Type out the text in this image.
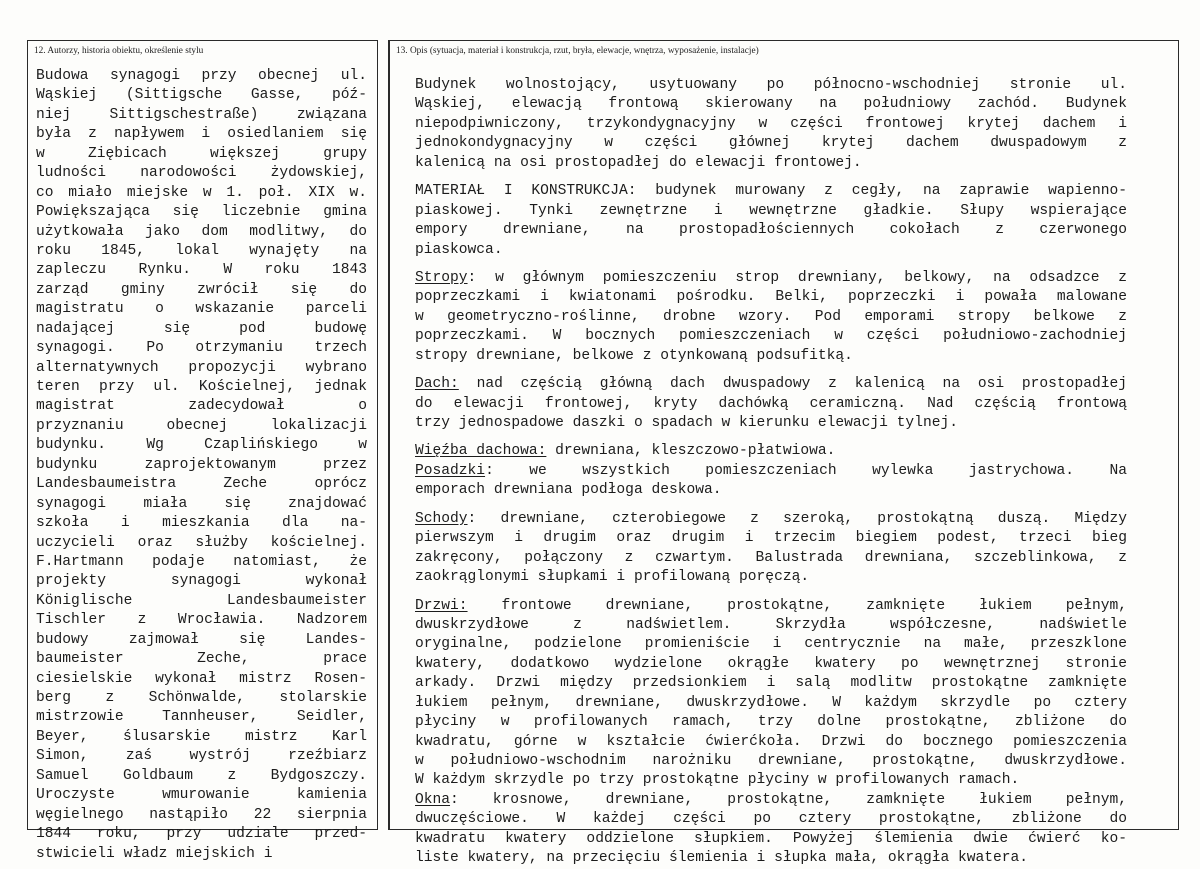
12. Autorzy, historia obiektu, określenie stylu	13. Opis (sytuacja, materiał i konstrukcja, rzut, bryła, elewacje, wnętrza, wyposażenie, instalacje)
Budowa synagogi przy obecnej ul.
Wąskiej (Sittigsche Gasse, póź-
niej Sittigschestraße) związana
była z napływem i osiedlaniem się
w Ziębicach większej grupy
ludności narodowości żydowskiej,
co miało miejske w 1. poł. XIX w.
Powiększająca się liczebnie gmina
użytkowała jako dom modlitwy, do
roku 1845, lokal wynajęty na
zapleczu Rynku. W roku 1843
zarząd gminy zwrócił się do
magistratu o wskazanie parceli
nadającej się pod budowę
synagogi. Po otrzymaniu trzech
alternatywnych propozycji wybrano
teren przy ul. Kościelnej, jednak
magistrat zadecydował o
przyznaniu obecnej lokalizacji
budynku. Wg Czaplińskiego w
budynku zaprojektowanym przez
Landesbaumeistra Zeche oprócz
synagogi miała się znajdować
szkoła i mieszkania dla na-
uczycieli oraz służby kościelnej.
F.Hartmann podaje natomiast, że
projekty synagogi wykonał
Königlische Landesbaumeister
Tischler z Wrocławia. Nadzorem
budowy zajmował się Landes-
baumeister Zeche, prace
ciesielskie wykonał mistrz Rosen-
berg z Schönwalde, stolarskie
mistrzowie Tannheuser, Seidler,
Beyer, ślusarskie mistrz Karl
Simon, zaś wystrój rzeźbiarz
Samuel Goldbaum z Bydgoszczy.
Uroczyste wmurowanie kamienia
węgielnego nastąpiło 22 sierpnia
1844 roku, przy udziale przed-
stwicieli władz miejskich i
Budynek wolnostojący, usytuowany po północno-wschodniej stronie ul.
Wąskiej, elewacją frontową skierowany na południowy zachód. Budynek
niepodpiwniczony, trzykondygnacyjny w części frontowej krytej dachem i
jednokondygnacyjny w części głównej krytej dachem dwuspadowym z
kalenicą na osi prostopadłej do elewacji frontowej.
MATERIAŁ I KONSTRUKCJA: budynek murowany z cegły, na zaprawie wapienno-
piaskowej. Tynki zewnętrzne i wewnętrzne gładkie. Słupy wspierające
empory drewniane, na prostopadłościennych cokołach z czerwonego
piaskowca.
Stropy: w głównym pomieszczeniu strop drewniany, belkowy, na odsadzce z
poprzeczkami i kwiatonami pośrodku. Belki, poprzeczki i powała malowane
w geometryczno-roślinne, drobne wzory. Pod emporami stropy belkowe z
poprzeczkami. W bocznych pomieszczeniach w części południowo-zachodniej
stropy drewniane, belkowe z otynkowaną podsufitką.
Dach: nad częścią główną dach dwuspadowy z kalenicą na osi prostopadłej
do elewacji frontowej, kryty dachówką ceramiczną. Nad częścią frontową
trzy jednospadowe daszki o spadach w kierunku elewacji tylnej.
Więźba dachowa: drewniana, kleszczowo-płatwiowa.
Posadzki: we wszystkich pomieszczeniach wylewka jastrychowa. Na
emporach drewniana podłoga deskowa.
Schody: drewniane, czterobiegowe z szeroką, prostokątną duszą. Między
pierwszym i drugim oraz drugim i trzecim biegiem podest, trzeci bieg
zakręcony, połączony z czwartym. Balustrada drewniana, szczeblinkowa, z
zaokrąglonymi słupkami i profilowaną poręczą.
Drzwi: frontowe drewniane, prostokątne, zamknięte łukiem pełnym,
dwuskrzydłowe z nadświetlem. Skrzydła współczesne, nadświetle
oryginalne, podzielone promieniście i centrycznie na małe, przeszklone
kwatery, dodatkowo wydzielone okrągłe kwatery po wewnętrznej stronie
arkady. Drzwi między przedsionkiem i salą modlitw prostokątne zamknięte
łukiem pełnym, drewniane, dwuskrzydłowe. W każdym skrzydle po cztery
płyciny w profilowanych ramach, trzy dolne prostokątne, zbliżone do
kwadratu, górne w kształcie ćwierćkoła. Drzwi do bocznego pomieszczenia
w południowo-wschodnim narożniku drewniane, prostokątne, dwuskrzydłowe.
W każdym skrzydle po trzy prostokątne płyciny w profilowanych ramach.
Okna: krosnowe, drewniane, prostokątne, zamknięte łukiem pełnym,
dwuczęściowe. W każdej części po cztery prostokątne, zbliżone do
kwadratu kwatery oddzielone słupkiem. Powyżej ślemienia dwie ćwierć ko-
liste kwatery, na przecięciu ślemienia i słupka mała, okrągła kwatera.
